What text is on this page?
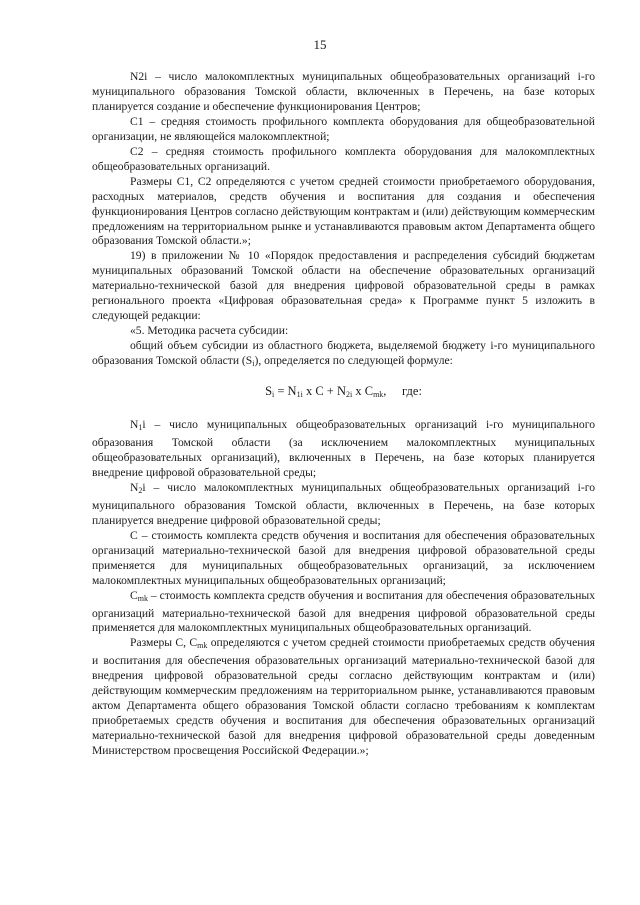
15

N2i – число малокомплектных муниципальных общеобразовательных организаций i-го муниципального образования Томской области, включенных в Перечень, на базе которых планируется создание и обеспечение функционирования Центров;

С1 – средняя стоимость профильного комплекта оборудования для общеобразовательной организации, не являющейся малокомплектной;

С2 – средняя стоимость профильного комплекта оборудования для малокомплектных общеобразовательных организаций.

Размеры С1, С2 определяются с учетом средней стоимости приобретаемого оборудования, расходных материалов, средств обучения и воспитания для создания и обеспечения функционирования Центров согласно действующим контрактам и (или) действующим коммерческим предложениям на территориальном рынке и устанавливаются правовым актом Департамента общего образования Томской области.»;

19) в приложении № 10 «Порядок предоставления и распределения субсидий бюджетам муниципальных образований Томской области на обеспечение образовательных организаций материально-технической базой для внедрения цифровой образовательной среды в рамках регионального проекта «Цифровая образовательная среда» к Программе пункт 5 изложить в следующей редакции:

«5. Методика расчета субсидии:

общий объем субсидии из областного бюджета, выделяемой бюджету i-го муниципального образования Томской области $(S_i)$, определяется по следующей формуле:

$S_i = N_{1i}$ x $C + N_{2i}$ x $C_{mk}$, где:

$N_1i$ – число муниципальных общеобразовательных организаций i-го муниципального образования Томской области (за исключением малокомплектных муниципальных общеобразовательных организаций), включенных в Перечень, на базе которых планируется внедрение цифровой образовательной среды;

$N_2i$ – число малокомплектных муниципальных общеобразовательных организаций i-го муниципального образования Томской области, включенных в Перечень, на базе которых планируется внедрение цифровой образовательной среды;

С – стоимость комплекта средств обучения и воспитания для обеспечения образовательных организаций материально-технической базой для внедрения цифровой образовательной среды применяется для муниципальных общеобразовательных организаций, за исключением малокомплектных муниципальных общеобразовательных организаций;

$С_{mk}$ – стоимость комплекта средств обучения и воспитания для обеспечения образовательных организаций материально-технической базой для внедрения цифровой образовательной среды применяется для малокомплектных муниципальных общеобразовательных организаций.

Размеры С, $С_{mk}$ определяются с учетом средней стоимости приобретаемых средств обучения и воспитания для обеспечения образовательных организаций материально-технической базой для внедрения цифровой образовательной среды согласно действующим контрактам и (или) действующим коммерческим предложениям на территориальном рынке, устанавливаются правовым актом Департамента общего образования Томской области согласно требованиям к комплектам приобретаемых средств обучения и воспитания для обеспечения образовательных организаций материально-технической базой для внедрения цифровой образовательной среды доведенным Министерством просвещения Российской Федерации.»;
